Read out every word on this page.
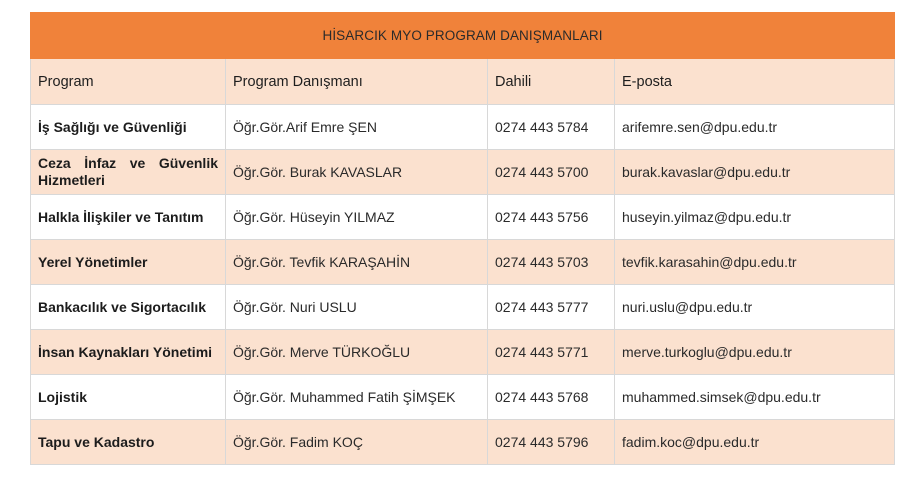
HİSARCIK MYO PROGRAM DANIŞMANLARI			
Program	Program Danışmanı	Dahili	E-posta
İş Sağlığı ve Güvenliği	Öğr.Gör.Arif Emre ŞEN	0274 443 5784	arifemre.sen@dpu.edu.tr
Ceza İnfaz ve Güvenlik Hizmetleri	Öğr.Gör. Burak KAVASLAR	0274 443 5700	burak.kavaslar@dpu.edu.tr
Halkla İlişkiler ve Tanıtım	Öğr.Gör. Hüseyin YILMAZ	0274 443 5756	huseyin.yilmaz@dpu.edu.tr
Yerel Yönetimler	Öğr.Gör. Tevfik KARAŞAHİN	0274 443 5703	tevfik.karasahin@dpu.edu.tr
Bankacılık ve Sigortacılık	Öğr.Gör. Nuri USLU	0274 443 5777	nuri.uslu@dpu.edu.tr
İnsan Kaynakları Yönetimi	Öğr.Gör. Merve TÜRKOĞLU	0274 443 5771	merve.turkoglu@dpu.edu.tr
Lojistik	Öğr.Gör. Muhammed Fatih ŞİMŞEK	0274 443 5768	muhammed.simsek@dpu.edu.tr
Tapu ve Kadastro	Öğr.Gör. Fadim KOÇ	0274 443 5796	fadim.koc@dpu.edu.tr
